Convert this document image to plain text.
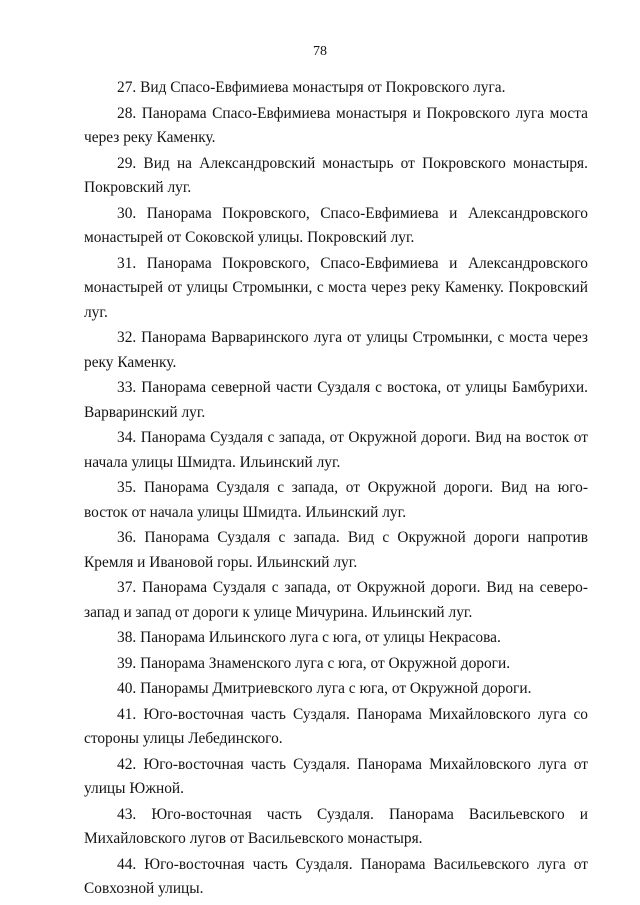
78

27. Вид Спасо-Евфимиева монастыря от Покровского луга.

28. Панорама Спасо-Евфимиева монастыря и Покровского луга моста через реку Каменку.

29. Вид на Александровский монастырь от Покровского монастыря. Покровский луг.

30. Панорама Покровского, Спасо-Евфимиева и Александровского монастырей от Соковской улицы. Покровский луг.

31. Панорама Покровского, Спасо-Евфимиева и Александровского монастырей от улицы Стромынки, с моста через реку Каменку. Покровский луг.

32. Панорама Варваринского луга от улицы Стромынки, с моста через реку Каменку.

33. Панорама северной части Суздаля с востока, от улицы Бамбурихи. Варваринский луг.

34. Панорама Суздаля с запада, от Окружной дороги. Вид на восток от начала улицы Шмидта. Ильинский луг.

35. Панорама Суздаля с запада, от Окружной дороги. Вид на юго-восток от начала улицы Шмидта. Ильинский луг.

36. Панорама Суздаля с запада. Вид с Окружной дороги напротив Кремля и Ивановой горы. Ильинский луг.

37. Панорама Суздаля с запада, от Окружной дороги. Вид на северо-запад и запад от дороги к улице Мичурина. Ильинский луг.

38. Панорама Ильинского луга с юга, от улицы Некрасова.

39. Панорама Знаменского луга с юга, от Окружной дороги.

40. Панорамы Дмитриевского луга с юга, от Окружной дороги.

41. Юго-восточная часть Суздаля. Панорама Михайловского луга со стороны улицы Лебединского.

42. Юго-восточная часть Суздаля. Панорама Михайловского луга от улицы Южной.

43. Юго-восточная часть Суздаля. Панорама Васильевского и Михайловского лугов от Васильевского монастыря.

44. Юго-восточная часть Суздаля. Панорама Васильевского луга от Совхозной улицы.
